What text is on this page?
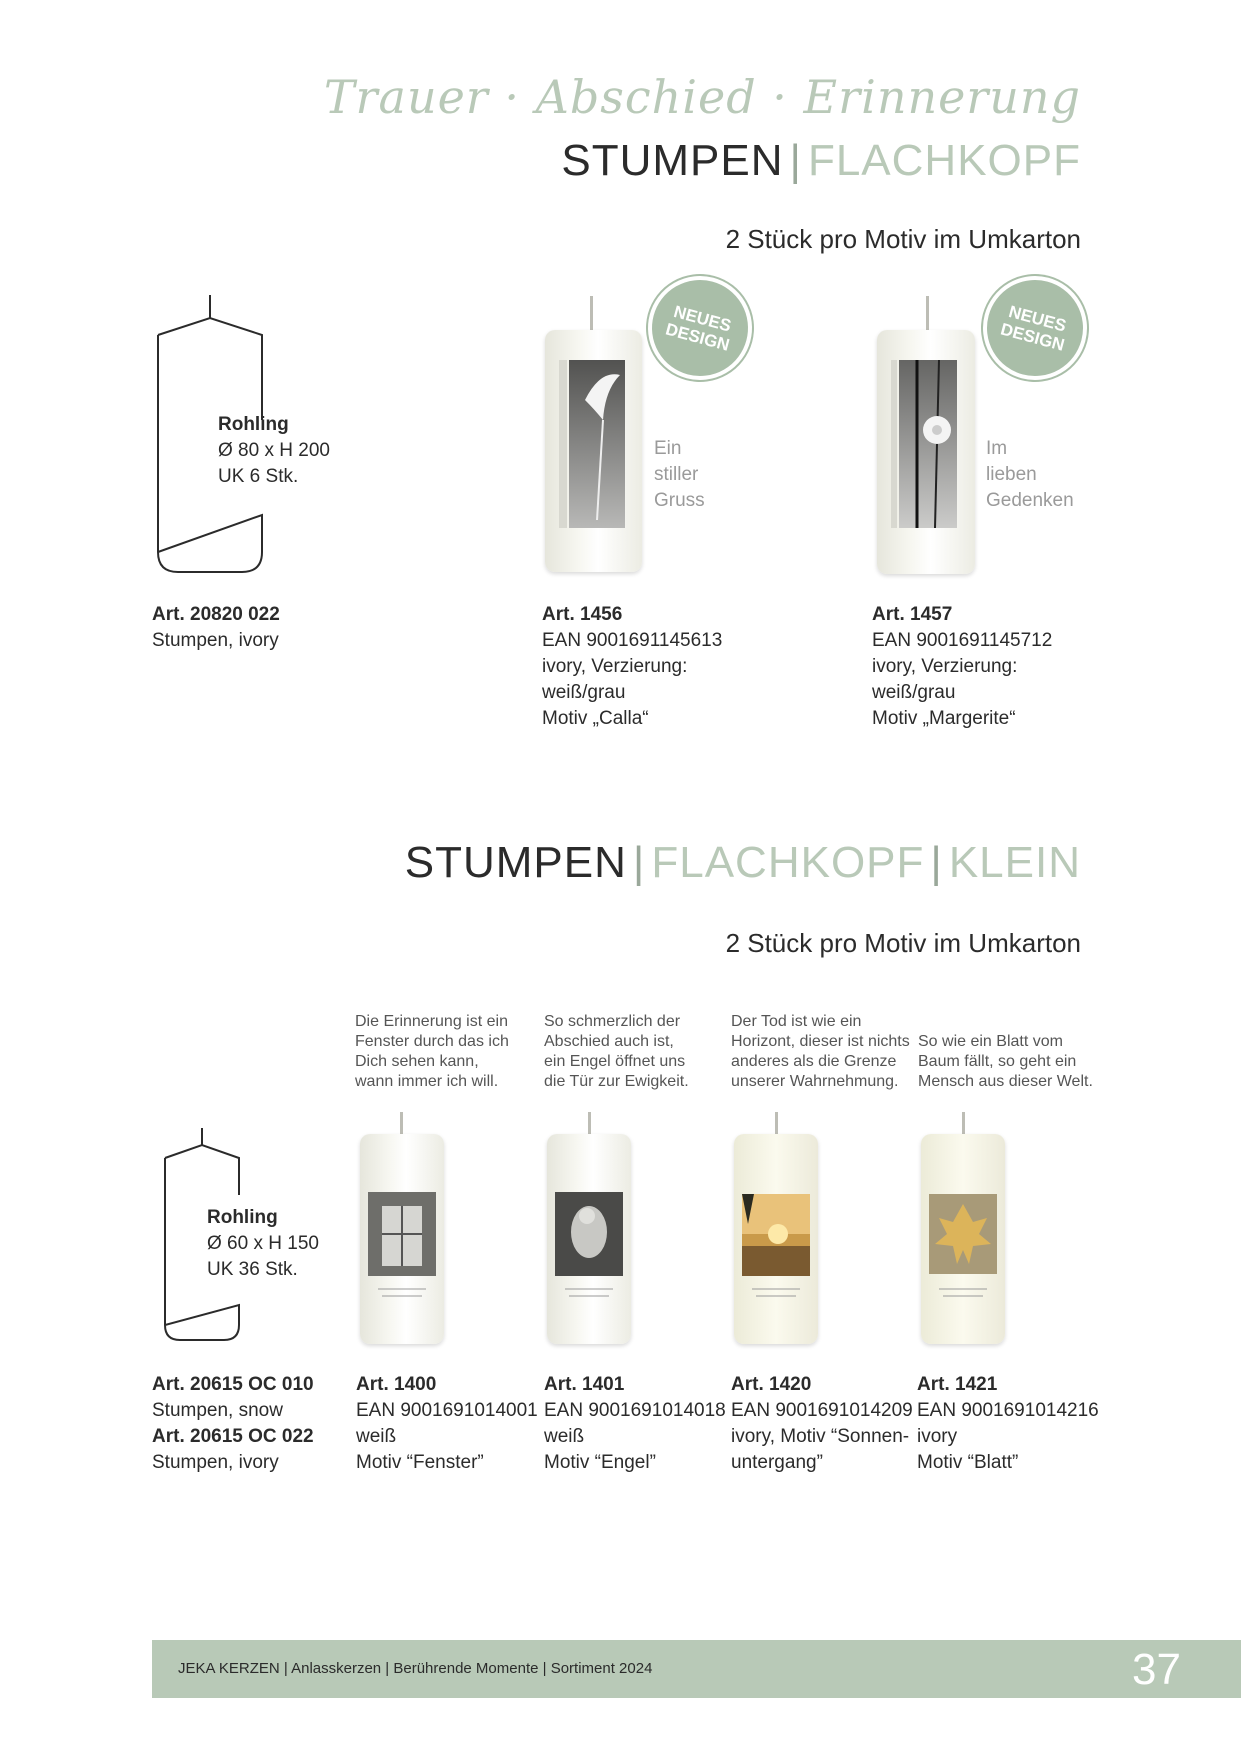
Trauer · Abschied · Erinnerung
STUMPEN | FLACHKOPF
2 Stück pro Motiv im Umkarton
Rohling
Ø 80 x H 200
UK 6 Stk.
Art. 20820 022
Stumpen, ivory
NEUES DESIGN
Ein
stiller
Gruss
Art. 1456
EAN 9001691145613
ivory, Verzierung:
weiß/grau
Motiv „Calla“
NEUES DESIGN
Im
lieben
Gedenken
Art. 1457
EAN 9001691145712
ivory, Verzierung:
weiß/grau
Motiv „Margerite“
STUMPEN | FLACHKOPF | KLEIN
2 Stück pro Motiv im Umkarton
Rohling
Ø 60 x H 150
UK 36 Stk.
Art. 20615 OC 010
Stumpen, snow
Art. 20615 OC 022
Stumpen, ivory
Die Erinnerung ist ein
Fenster durch das ich
Dich sehen kann,
wann immer ich will.
So schmerzlich der
Abschied auch ist,
ein Engel öffnet uns
die Tür zur Ewigkeit.
Der Tod ist wie ein
Horizont, dieser ist nichts
anderes als die Grenze
unserer Wahrnehmung.
So wie ein Blatt vom
Baum fällt, so geht ein
Mensch aus dieser Welt.
Art. 1400
EAN 9001691014001
weiß
Motiv “Fenster”
Art. 1401
EAN 9001691014018
weiß
Motiv “Engel”
Art. 1420
EAN 9001691014209
ivory, Motiv “Sonnen-
untergang”
Art. 1421
EAN 9001691014216
ivory
Motiv “Blatt”
JEKA KERZEN | Anlasskerzen | Berührende Momente | Sortiment 2024	37
